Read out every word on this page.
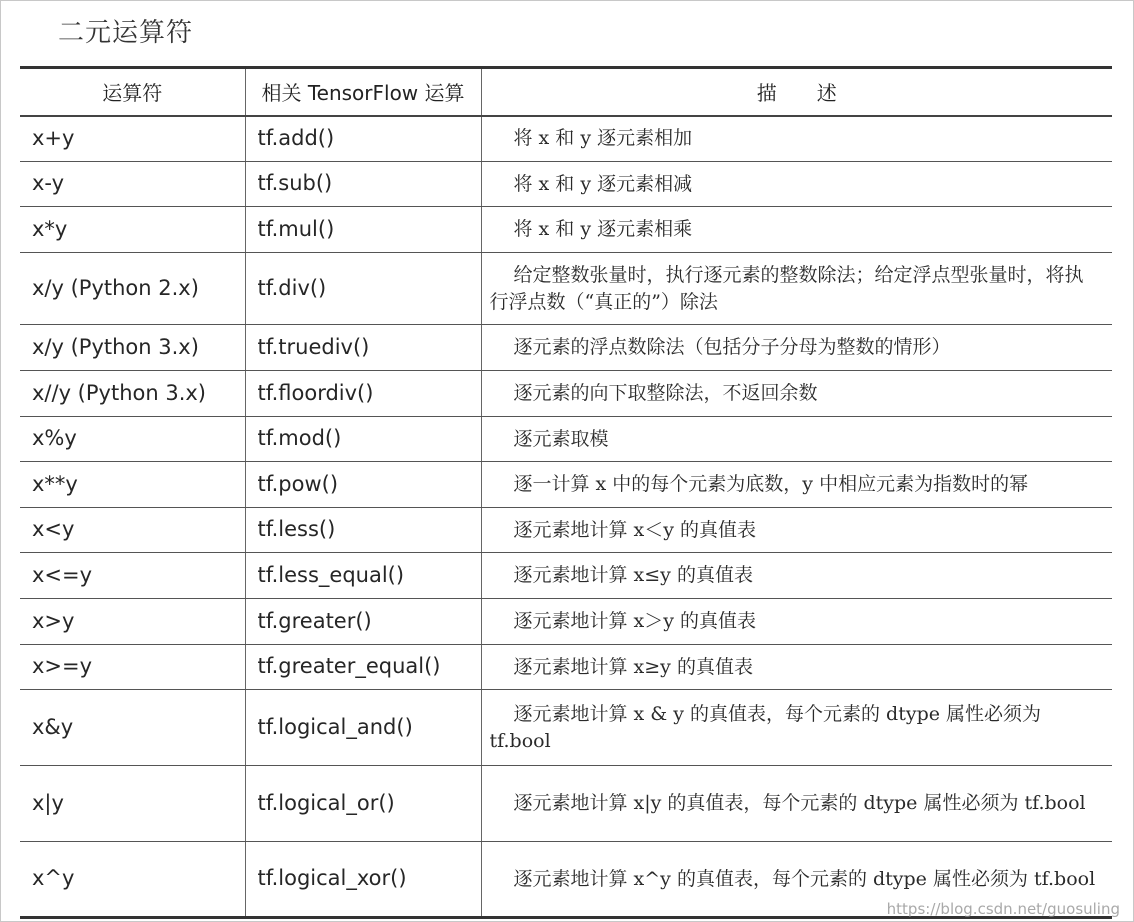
二元运算符
运算符	相关 TensorFlow 运算	描　　述
x+y	tf.add()	将 x 和 y 逐元素相加

x-y	tf.sub()	将 x 和 y 逐元素相减

x*y	tf.mul()	将 x 和 y 逐元素相乘

x/y (Python 2.x)	tf.div()	给定整数张量时，执行逐元素的整数除法；给定浮点型张量时，将执行浮点数（“真正的”）除法

x/y (Python 3.x)	tf.truediv()	逐元素的浮点数除法（包括分子分母为整数的情形）

x//y (Python 3.x)	tf.floordiv()	逐元素的向下取整除法，不返回余数

x%y	tf.mod()	逐元素取模

x**y	tf.pow()	逐一计算 x 中的每个元素为底数，y 中相应元素为指数时的幂

x<y	tf.less()	逐元素地计算 x＜y 的真值表

x<=y	tf.less_equal()	逐元素地计算 x≤y 的真值表

x>y	tf.greater()	逐元素地计算 x＞y 的真值表

x>=y	tf.greater_equal()	逐元素地计算 x≥y 的真值表

x&y	tf.logical_and()	逐元素地计算 x & y 的真值表，每个元素的 dtype 属性必须为 tf.bool

x|y	tf.logical_or()	逐元素地计算 x|y 的真值表，每个元素的 dtype 属性必须为 tf.bool

x^y	tf.logical_xor()	逐元素地计算 x^y 的真值表，每个元素的 dtype 属性必须为 tf.bool
https://blog.csdn.net/guosuling
